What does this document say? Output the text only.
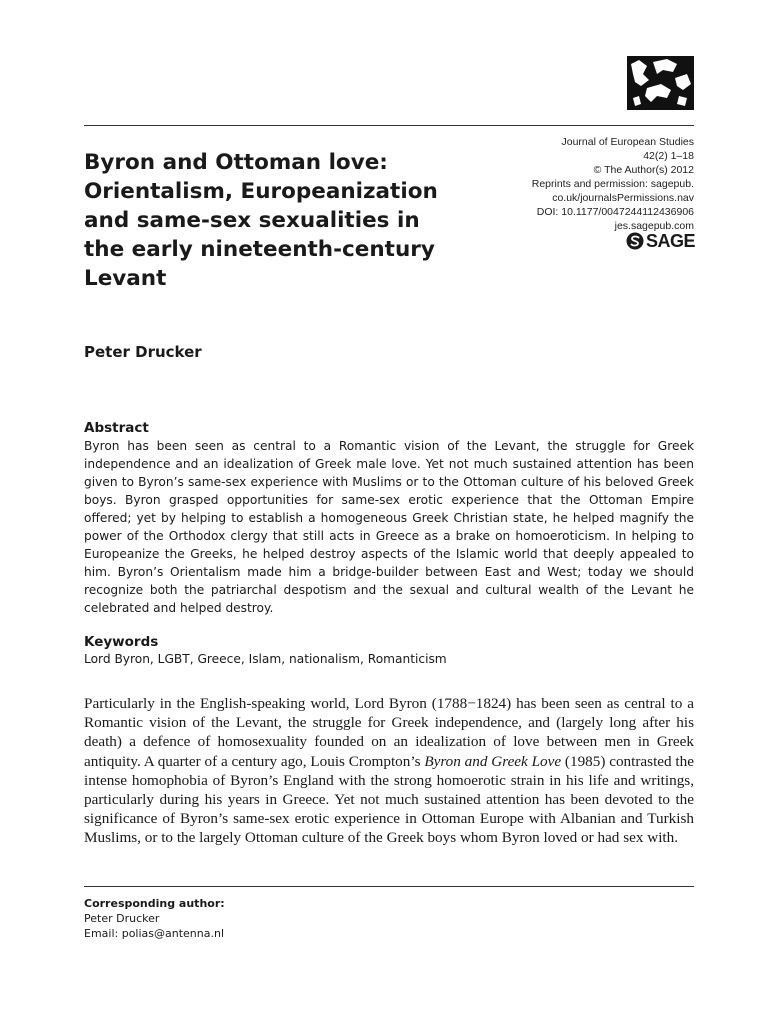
Journal of European Studies
42(2) 1–18
© The Author(s) 2012
Reprints and permission: sagepub.
co.uk/journalsPermissions.nav
DOI: 10.1177/0047244112436906
jes.sagepub.com
SAGE
Byron and Ottoman love: Orientalism, Europeanization and same-sex sexualities in the early nineteenth-century Levant
Peter Drucker
Abstract

Byron has been seen as central to a Romantic vision of the Levant, the struggle for Greek independence and an idealization of Greek male love. Yet not much sustained attention has been given to Byron’s same-sex experience with Muslims or to the Ottoman culture of his beloved Greek boys. Byron grasped opportunities for same-sex erotic experience that the Ottoman Empire offered; yet by helping to establish a homogeneous Greek Christian state, he helped magnify the power of the Orthodox clergy that still acts in Greece as a brake on homoeroticism. In helping to Europeanize the Greeks, he helped destroy aspects of the Islamic world that deeply appealed to him. Byron’s Orientalism made him a bridge-builder between East and West; today we should recognize both the patriarchal despotism and the sexual and cultural wealth of the Levant he celebrated and helped destroy.

Keywords
Lord Byron, LGBT, Greece, Islam, nationalism, Romanticism

Particularly in the English-speaking world, Lord Byron (1788−1824) has been seen as central to a Romantic vision of the Levant, the struggle for Greek independence, and (largely long after his death) a defence of homosexuality founded on an idealization of love between men in Greek antiquity. A quarter of a century ago, Louis Crompton’s Byron and Greek Love (1985) contrasted the intense homophobia of Byron’s England with the strong homoerotic strain in his life and writings, particularly during his years in Greece. Yet not much sustained attention has been devoted to the significance of Byron’s same-sex erotic experience in Ottoman Europe with Albanian and Turkish Muslims, or to the largely Ottoman culture of the Greek boys whom Byron loved or had sex with.

Corresponding author:
Peter Drucker
Email: polias@antenna.nl
